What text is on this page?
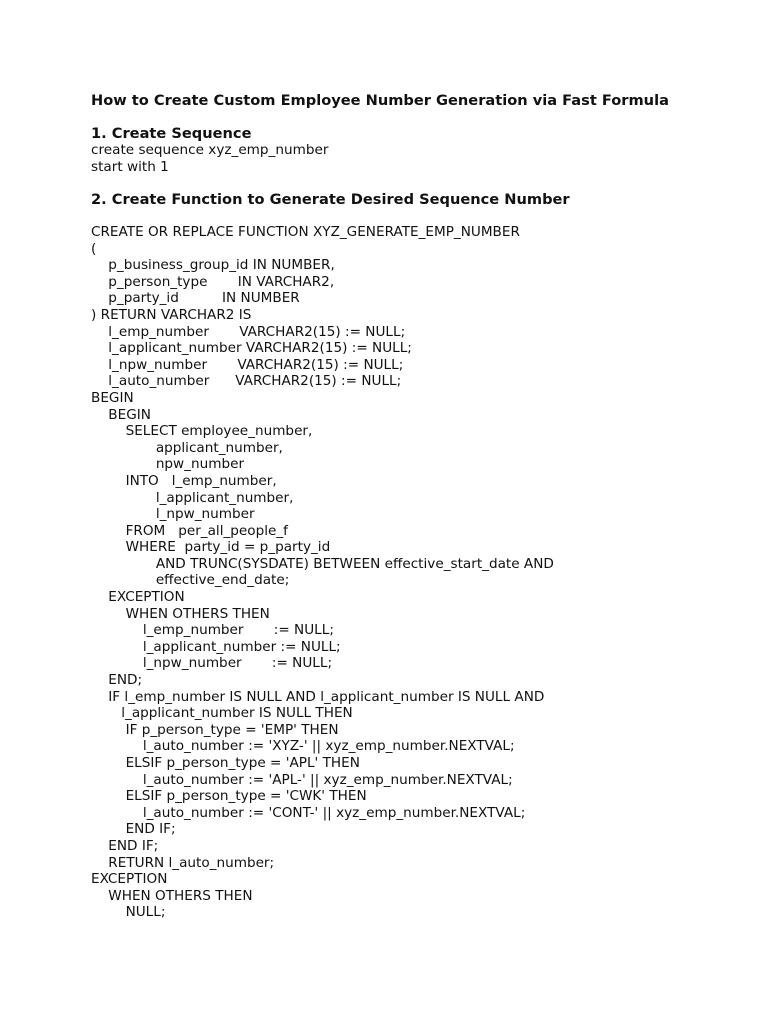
How to Create Custom Employee Number Generation via Fast Formula
1. Create Sequence
create sequence xyz_emp_number
start with 1
2. Create Function to Generate Desired Sequence Number
CREATE OR REPLACE FUNCTION XYZ_GENERATE_EMP_NUMBER
(
p_business_group_id IN NUMBER,
p_person_type       IN VARCHAR2,
p_party_id          IN NUMBER
) RETURN VARCHAR2 IS
l_emp_number       VARCHAR2(15) := NULL;
l_applicant_number VARCHAR2(15) := NULL;
l_npw_number       VARCHAR2(15) := NULL;
l_auto_number      VARCHAR2(15) := NULL;
BEGIN
BEGIN
SELECT employee_number,
applicant_number,
npw_number
INTO   l_emp_number,
l_applicant_number,
l_npw_number
FROM   per_all_people_f
WHERE  party_id = p_party_id
AND TRUNC(SYSDATE) BETWEEN effective_start_date AND
effective_end_date;
EXCEPTION
WHEN OTHERS THEN
l_emp_number       := NULL;
l_applicant_number := NULL;
l_npw_number       := NULL;
END;
IF l_emp_number IS NULL AND l_applicant_number IS NULL AND
l_applicant_number IS NULL THEN
IF p_person_type = 'EMP' THEN
l_auto_number := 'XYZ-' || xyz_emp_number.NEXTVAL;
ELSIF p_person_type = 'APL' THEN
l_auto_number := 'APL-' || xyz_emp_number.NEXTVAL;
ELSIF p_person_type = 'CWK' THEN
l_auto_number := 'CONT-' || xyz_emp_number.NEXTVAL;
END IF;
END IF;
RETURN l_auto_number;
EXCEPTION
WHEN OTHERS THEN
NULL;
